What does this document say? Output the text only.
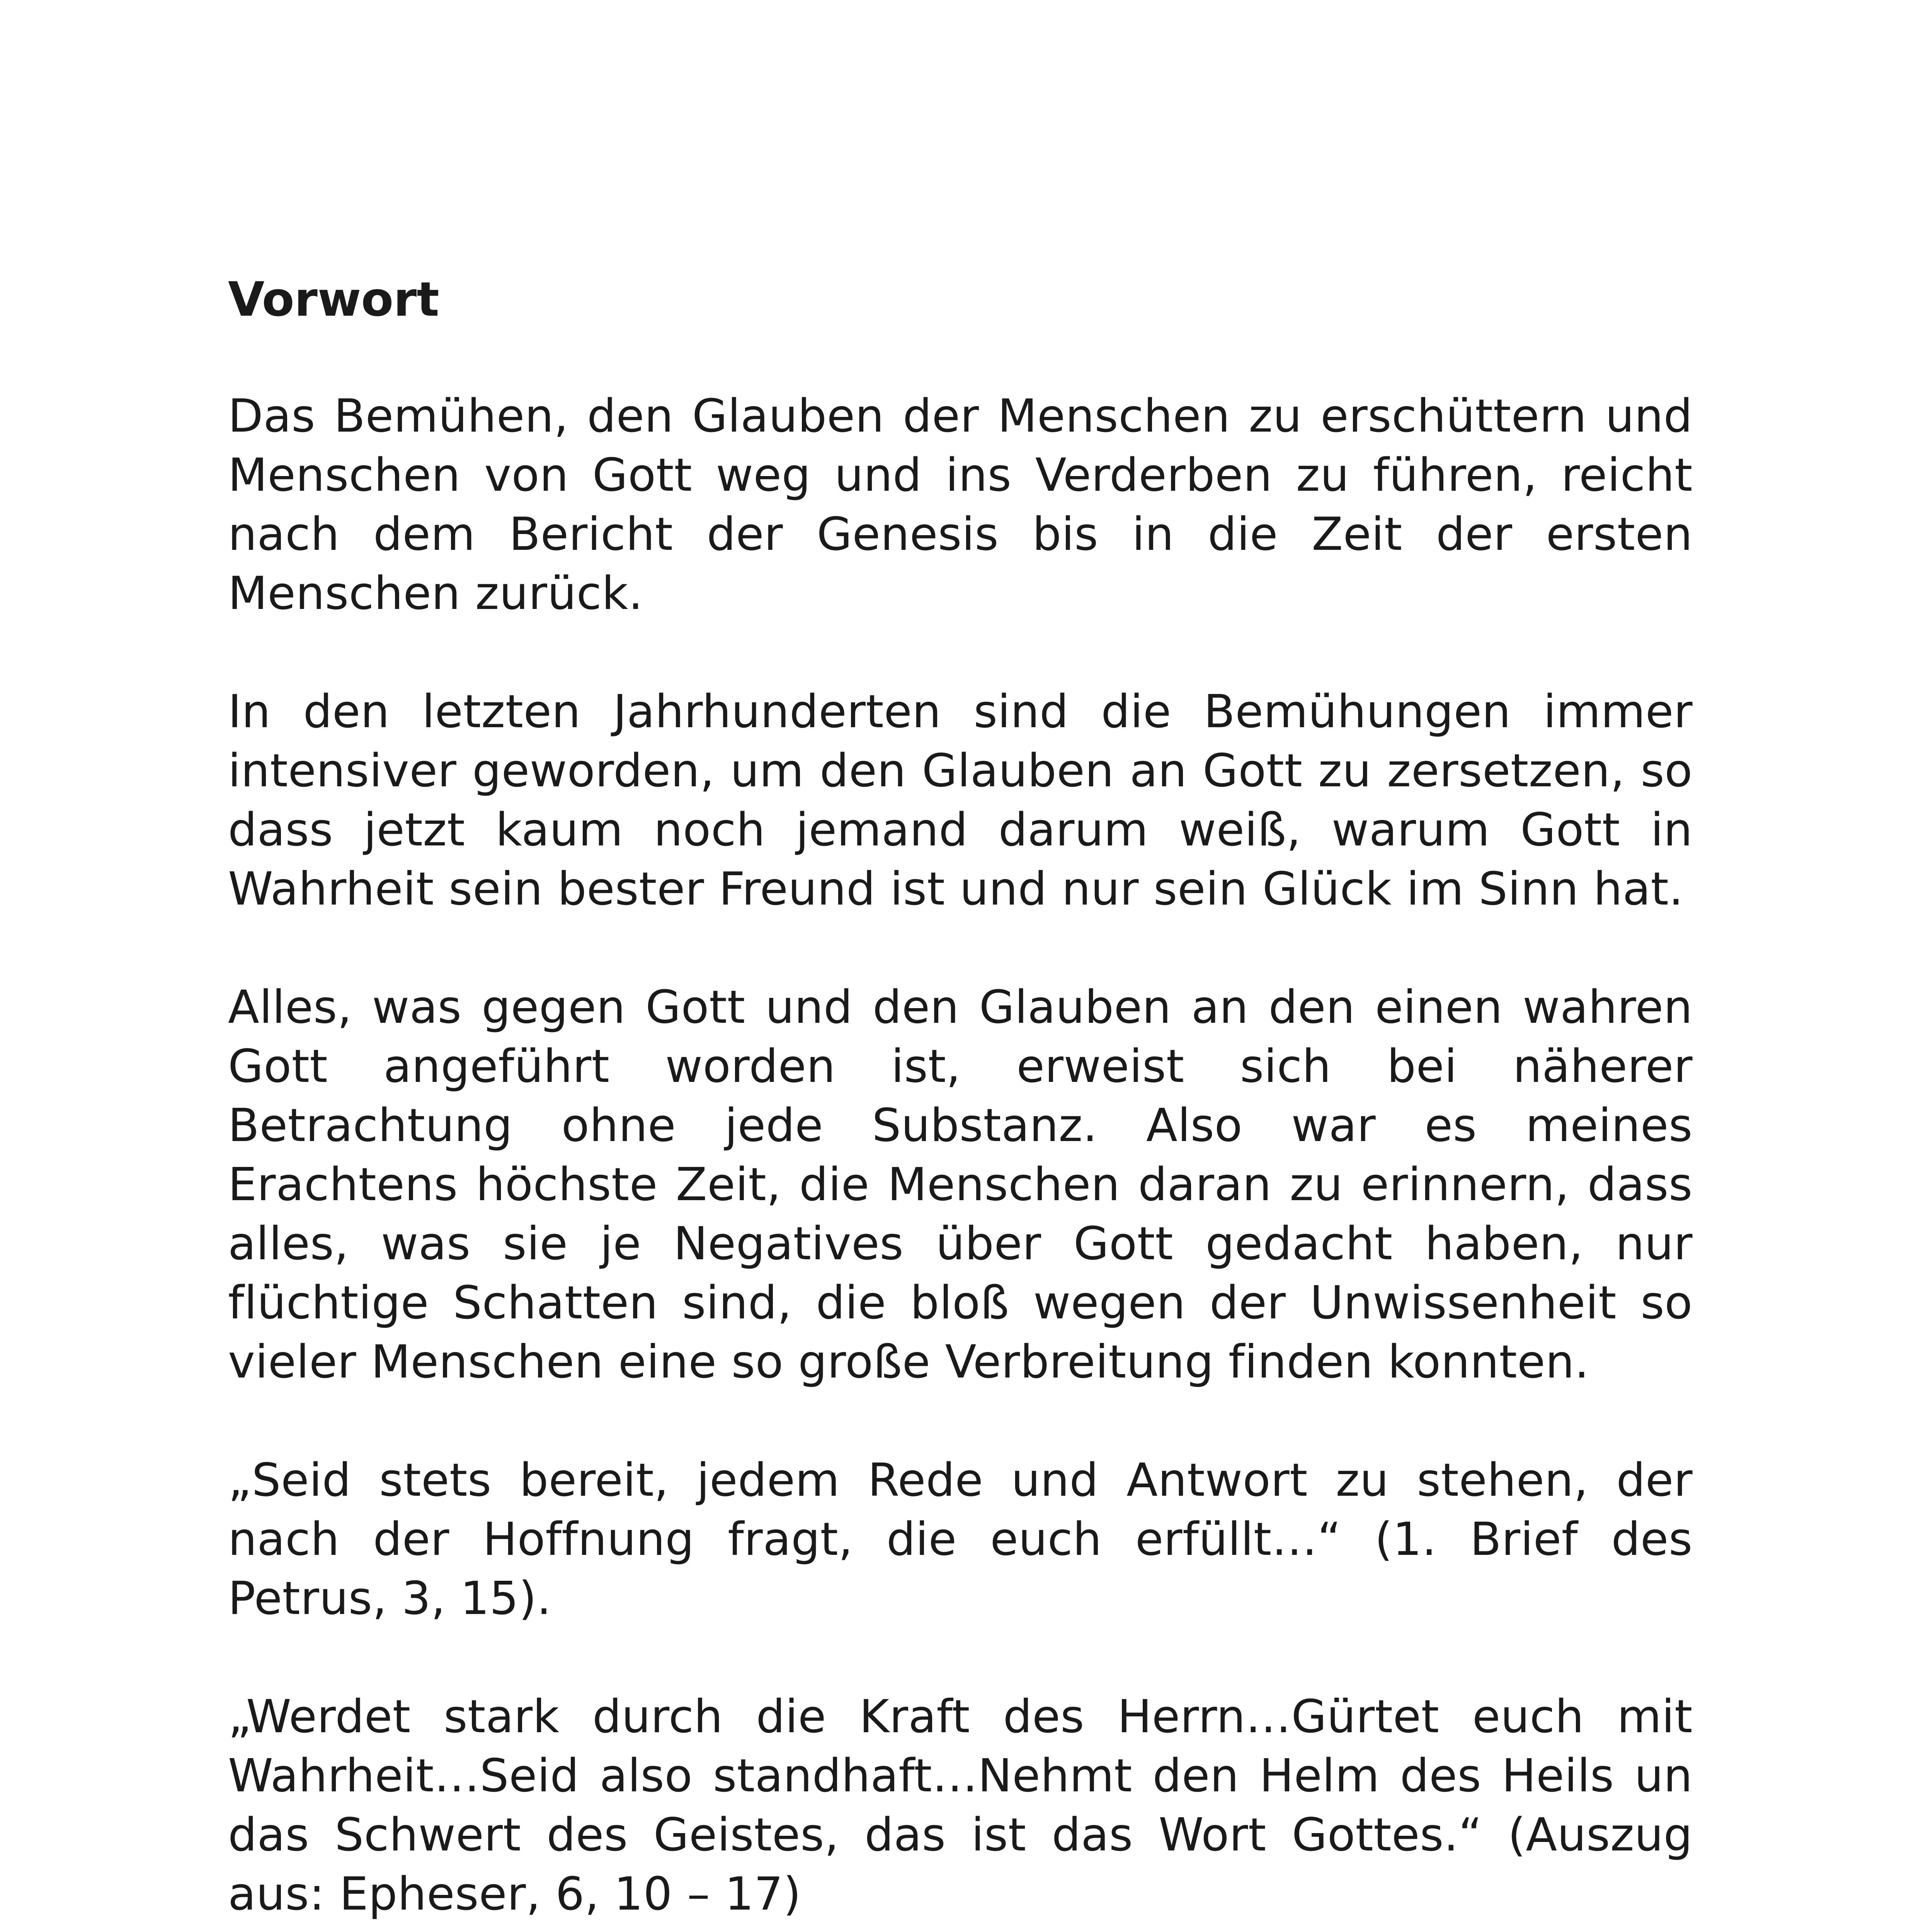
Vorwort

Das Bemühen, den Glauben der Menschen zu erschüttern und Menschen von Gott weg und ins Verderben zu führen, reicht nach dem Bericht der Genesis bis in die Zeit der ersten Menschen zurück.

In den letzten Jahrhunderten sind die Bemühungen immer intensiver geworden, um den Glauben an Gott zu zersetzen, so dass jetzt kaum noch jemand darum weiß, warum Gott in Wahrheit sein bester Freund ist und nur sein Glück im Sinn hat.

Alles, was gegen Gott und den Glauben an den einen wahren Gott angeführt worden ist, erweist sich bei näherer Betrachtung ohne jede Substanz. Also war es meines Erachtens höchste Zeit, die Menschen daran zu erinnern, dass alles, was sie je Negatives über Gott gedacht haben, nur flüchtige Schatten sind, die bloß wegen der Unwissenheit so vieler Menschen eine so große Verbreitung finden konnten.

„Seid stets bereit, jedem Rede und Antwort zu stehen, der nach der Hoffnung fragt, die euch erfüllt…“ (1. Brief des Petrus, 3, 15).

„Werdet stark durch die Kraft des Herrn…Gürtet euch mit Wahrheit…Seid also standhaft…Nehmt den Helm des Heils un das Schwert des Geistes, das ist das Wort Gottes.“ (Auszug aus: Epheser, 6, 10 – 17)
